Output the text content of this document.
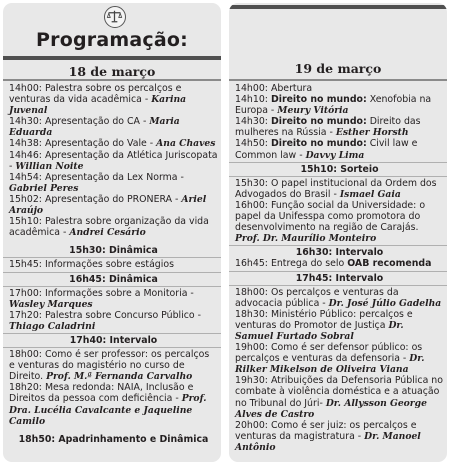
Programação:
18 de março

14h00: Palestra sobre os percalços e venturas da vida acadêmica - Karina Juvenal

14h30: Apresentação do CA - Maria Eduarda

14h38: Apresentação do Vale - Ana Chaves

14h46: Apresentação da Atlética Juriscopata - Willian Noite

14h54: Apresentação da Lex Norma - Gabriel Peres

15h02: Apresentação do PRONERA - Ariel Araújo

15h10: Palestra sobre organização da vida acadêmica - Andrei Cesário

15h30: Dinâmica

15h45: Informações sobre estágios

16h45: Dinâmica

17h00: Informações sobre a Monitoria - Wasley Marques

17h20: Palestra sobre Concurso Público - Thiago Caladrini

17h40: Intervalo

18h00: Como é ser professor: os percalços e venturas do magistério no curso de Direito. Prof. M.ª Fernanda Carvalho

18h20: Mesa redonda: NAIA, Inclusão e Direitos da pessoa com deficiência - Prof. Dra. Lucélia Cavalcante e Jaqueline Camilo

18h50: Apadrinhamento e Dinâmica

19 de março

14h00: Abertura

14h10: Direito no mundo: Xenofobia na Europa - Meury Vitória

14h30: Direito no mundo: Direito das mulheres na Rússia - Esther Horsth

14h50: Direito no mundo: Civil law e Common law - Davvy Lima

15h10: Sorteio

15h30: O papel institucional da Ordem dos Advogados do Brasil - Ismael Gaia

16h00: Função social da Universidade: o papel da Unifesspa como promotora do desenvolvimento na região de Carajás. Prof. Dr. Maurílio Monteiro

16h30: Intervalo

16h45: Entrega do selo OAB recomenda

17h45: Intervalo

18h00: Os percalços e venturas da advocacia pública - Dr. José Júlio Gadelha

18h30: Ministério Público: percalços e venturas do Promotor de Justiça Dr. Samuel Furtado Sobral

19h00: Como é ser defensor público: os percalços e venturas da defensoria - Dr. Rilker Mikelson de Oliveira Viana

19h30: Atribuições da Defensoria Pública no combate à violência doméstica e a atuação no Tribunal do Júri- Dr. Allysson George Alves de Castro

20h00: Como é ser juiz: os percalços e venturas da magistratura - Dr. Manoel Antônio
